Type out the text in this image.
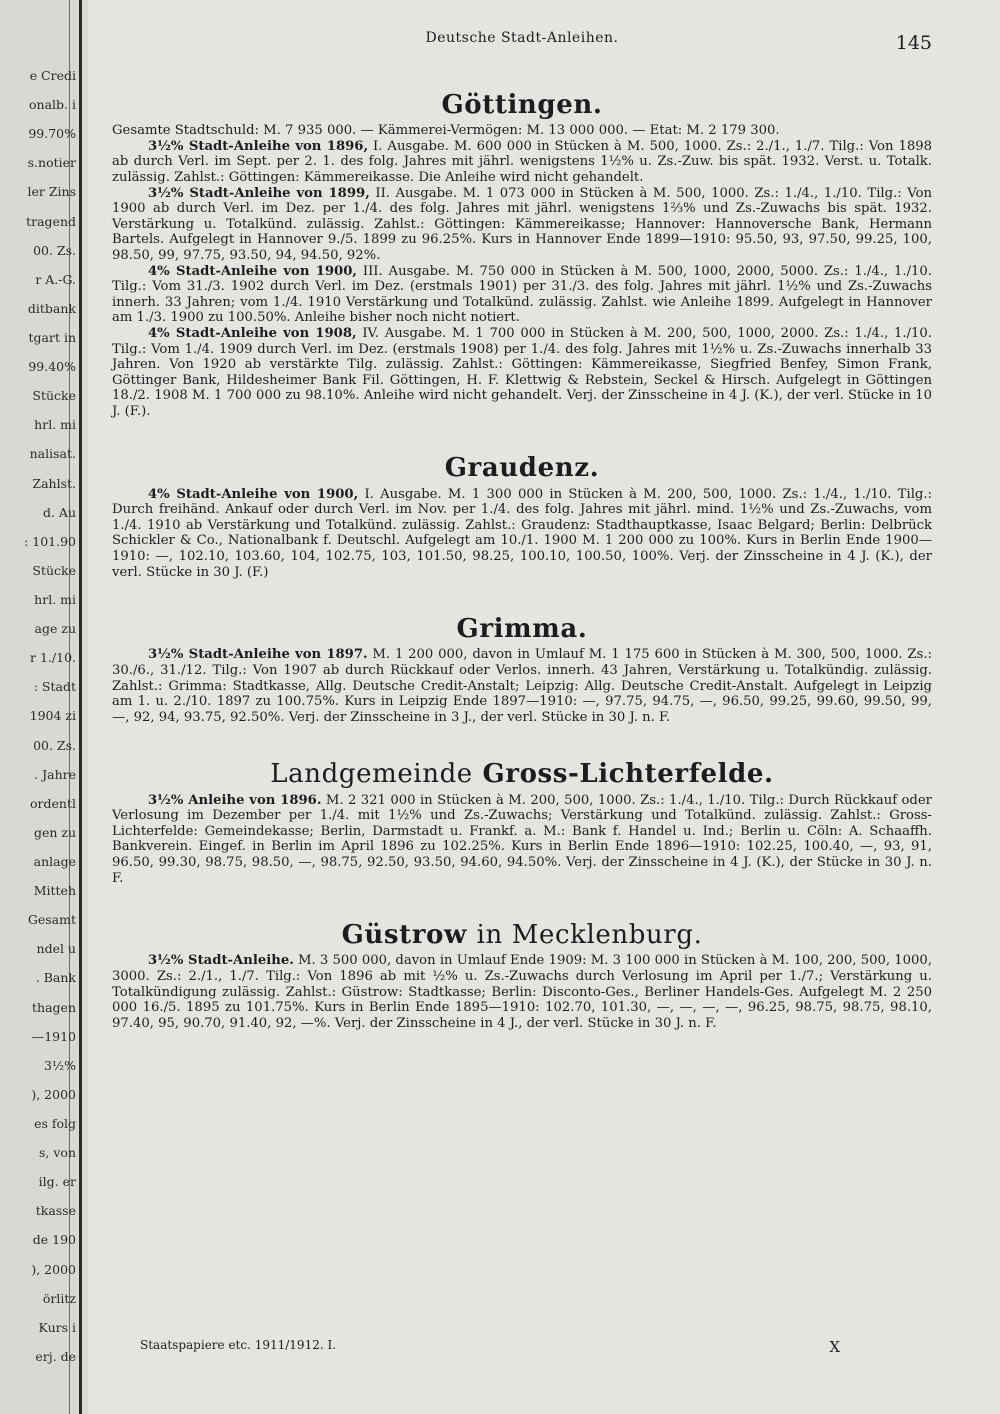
e Credi
onalb. i
99.70%
s.notier
ler Zins
tragend
00. Zs.
r A.-G.
ditbank
tgart in
99.40%
Stücke
hrl. mi
nalisat.
Zahlst.
d. Au
: 101.90
Stücke
hrl. mi
age zu
r 1./10.
: Stadt
1904 zi
00. Zs.
. Jahre
ordentl
gen zu
anlage
Mitteh
Gesamt
ndel u
. Bank
thagen
—1910
3½%
), 2000
es folg
s, von
ilg. er
tkasse
de 190
), 2000
örlitz
Kurs i
erj. de
Deutsche Stadt-Anleihen.	145
Göttingen.

Gesamte Stadtschuld: M. 7 935 000. — Kämmerei-Vermögen: M. 13 000 000. — Etat: M. 2 179 300.

3½% Stadt-Anleihe von 1896, I. Ausgabe. M. 600 000 in Stücken à M. 500, 1000. Zs.: 2./1., 1./7. Tilg.: Von 1898 ab durch Verl. im Sept. per 2. 1. des folg. Jahres mit jährl. wenigstens 1½% u. Zs.-Zuw. bis spät. 1932. Verst. u. Totalk. zulässig. Zahlst.: Göttingen: Kämmereikasse. Die Anleihe wird nicht gehandelt.

3½% Stadt-Anleihe von 1899, II. Ausgabe. M. 1 073 000 in Stücken à M. 500, 1000. Zs.: 1./4., 1./10. Tilg.: Von 1900 ab durch Verl. im Dez. per 1./4. des folg. Jahres mit jährl. wenigstens 1⅔% und Zs.-Zuwachs bis spät. 1932. Verstärkung u. Totalkünd. zulässig. Zahlst.: Göttingen: Kämmereikasse; Hannover: Hannoversche Bank, Hermann Bartels. Aufgelegt in Hannover 9./5. 1899 zu 96.25%. Kurs in Hannover Ende 1899—1910: 95.50, 93, 97.50, 99.25, 100, 98.50, 99, 97.75, 93.50, 94, 94.50, 92%.

4% Stadt-Anleihe von 1900, III. Ausgabe. M. 750 000 in Stücken à M. 500, 1000, 2000, 5000. Zs.: 1./4., 1./10. Tilg.: Vom 31./3. 1902 durch Verl. im Dez. (erstmals 1901) per 31./3. des folg. Jahres mit jährl. 1½% und Zs.-Zuwachs innerh. 33 Jahren; vom 1./4. 1910 Verstärkung und Totalkünd. zulässig. Zahlst. wie Anleihe 1899. Aufgelegt in Hannover am 1./3. 1900 zu 100.50%. Anleihe bisher noch nicht notiert.

4% Stadt-Anleihe von 1908, IV. Ausgabe. M. 1 700 000 in Stücken à M. 200, 500, 1000, 2000. Zs.: 1./4., 1./10. Tilg.: Vom 1./4. 1909 durch Verl. im Dez. (erstmals 1908) per 1./4. des folg. Jahres mit 1½% u. Zs.-Zuwachs innerhalb 33 Jahren. Von 1920 ab verstärkte Tilg. zulässig. Zahlst.: Göttingen: Kämmereikasse, Siegfried Benfey, Simon Frank, Göttinger Bank, Hildesheimer Bank Fil. Göttingen, H. F. Klettwig & Rebstein, Seckel & Hirsch. Aufgelegt in Göttingen 18./2. 1908 M. 1 700 000 zu 98.10%. Anleihe wird nicht gehandelt. Verj. der Zinsscheine in 4 J. (K.), der verl. Stücke in 10 J. (F.).

Graudenz.

4% Stadt-Anleihe von 1900, I. Ausgabe. M. 1 300 000 in Stücken à M. 200, 500, 1000. Zs.: 1./4., 1./10. Tilg.: Durch freihänd. Ankauf oder durch Verl. im Nov. per 1./4. des folg. Jahres mit jährl. mind. 1½% und Zs.-Zuwachs, vom 1./4. 1910 ab Verstärkung und Totalkünd. zulässig. Zahlst.: Graudenz: Stadthauptkasse, Isaac Belgard; Berlin: Delbrück Schickler & Co., Nationalbank f. Deutschl. Aufgelegt am 10./1. 1900 M. 1 200 000 zu 100%. Kurs in Berlin Ende 1900—1910: —, 102.10, 103.60, 104, 102.75, 103, 101.50, 98.25, 100.10, 100.50, 100%. Verj. der Zinsscheine in 4 J. (K.), der verl. Stücke in 30 J. (F.)

Grimma.

3½% Stadt-Anleihe von 1897. M. 1 200 000, davon in Umlauf M. 1 175 600 in Stücken à M. 300, 500, 1000. Zs.: 30./6., 31./12. Tilg.: Von 1907 ab durch Rückkauf oder Verlos. innerh. 43 Jahren, Verstärkung u. Totalkündig. zulässig. Zahlst.: Grimma: Stadtkasse, Allg. Deutsche Credit-Anstalt; Leipzig: Allg. Deutsche Credit-Anstalt. Aufgelegt in Leipzig am 1. u. 2./10. 1897 zu 100.75%. Kurs in Leipzig Ende 1897—1910: —, 97.75, 94.75, —, 96.50, 99.25, 99.60, 99.50, 99, —, 92, 94, 93.75, 92.50%. Verj. der Zinsscheine in 3 J., der verl. Stücke in 30 J. n. F.

Landgemeinde Gross-Lichterfelde.

3½% Anleihe von 1896. M. 2 321 000 in Stücken à M. 200, 500, 1000. Zs.: 1./4., 1./10. Tilg.: Durch Rückkauf oder Verlosung im Dezember per 1./4. mit 1½% und Zs.-Zuwachs; Verstärkung und Totalkünd. zulässig. Zahlst.: Gross-Lichterfelde: Gemeindekasse; Berlin, Darmstadt u. Frankf. a. M.: Bank f. Handel u. Ind.; Berlin u. Cöln: A. Schaaffh. Bankverein. Eingef. in Berlin im April 1896 zu 102.25%. Kurs in Berlin Ende 1896—1910: 102.25, 100.40, —, 93, 91, 96.50, 99.30, 98.75, 98.50, —, 98.75, 92.50, 93.50, 94.60, 94.50%. Verj. der Zinsscheine in 4 J. (K.), der Stücke in 30 J. n. F.

Güstrow in Mecklenburg.

3½% Stadt-Anleihe. M. 3 500 000, davon in Umlauf Ende 1909: M. 3 100 000 in Stücken à M. 100, 200, 500, 1000, 3000. Zs.: 2./1., 1./7. Tilg.: Von 1896 ab mit ½% u. Zs.-Zuwachs durch Verlosung im April per 1./7.; Verstärkung u. Totalkündigung zulässig. Zahlst.: Güstrow: Stadtkasse; Berlin: Disconto-Ges., Berliner Handels-Ges. Aufgelegt M. 2 250 000 16./5. 1895 zu 101.75%. Kurs in Berlin Ende 1895—1910: 102.70, 101.30, —, —, —, —, 96.25, 98.75, 98.75, 98.10, 97.40, 95, 90.70, 91.40, 92, —%. Verj. der Zinsscheine in 4 J., der verl. Stücke in 30 J. n. F.

Staatspapiere etc. 1911/1912. I.	X
